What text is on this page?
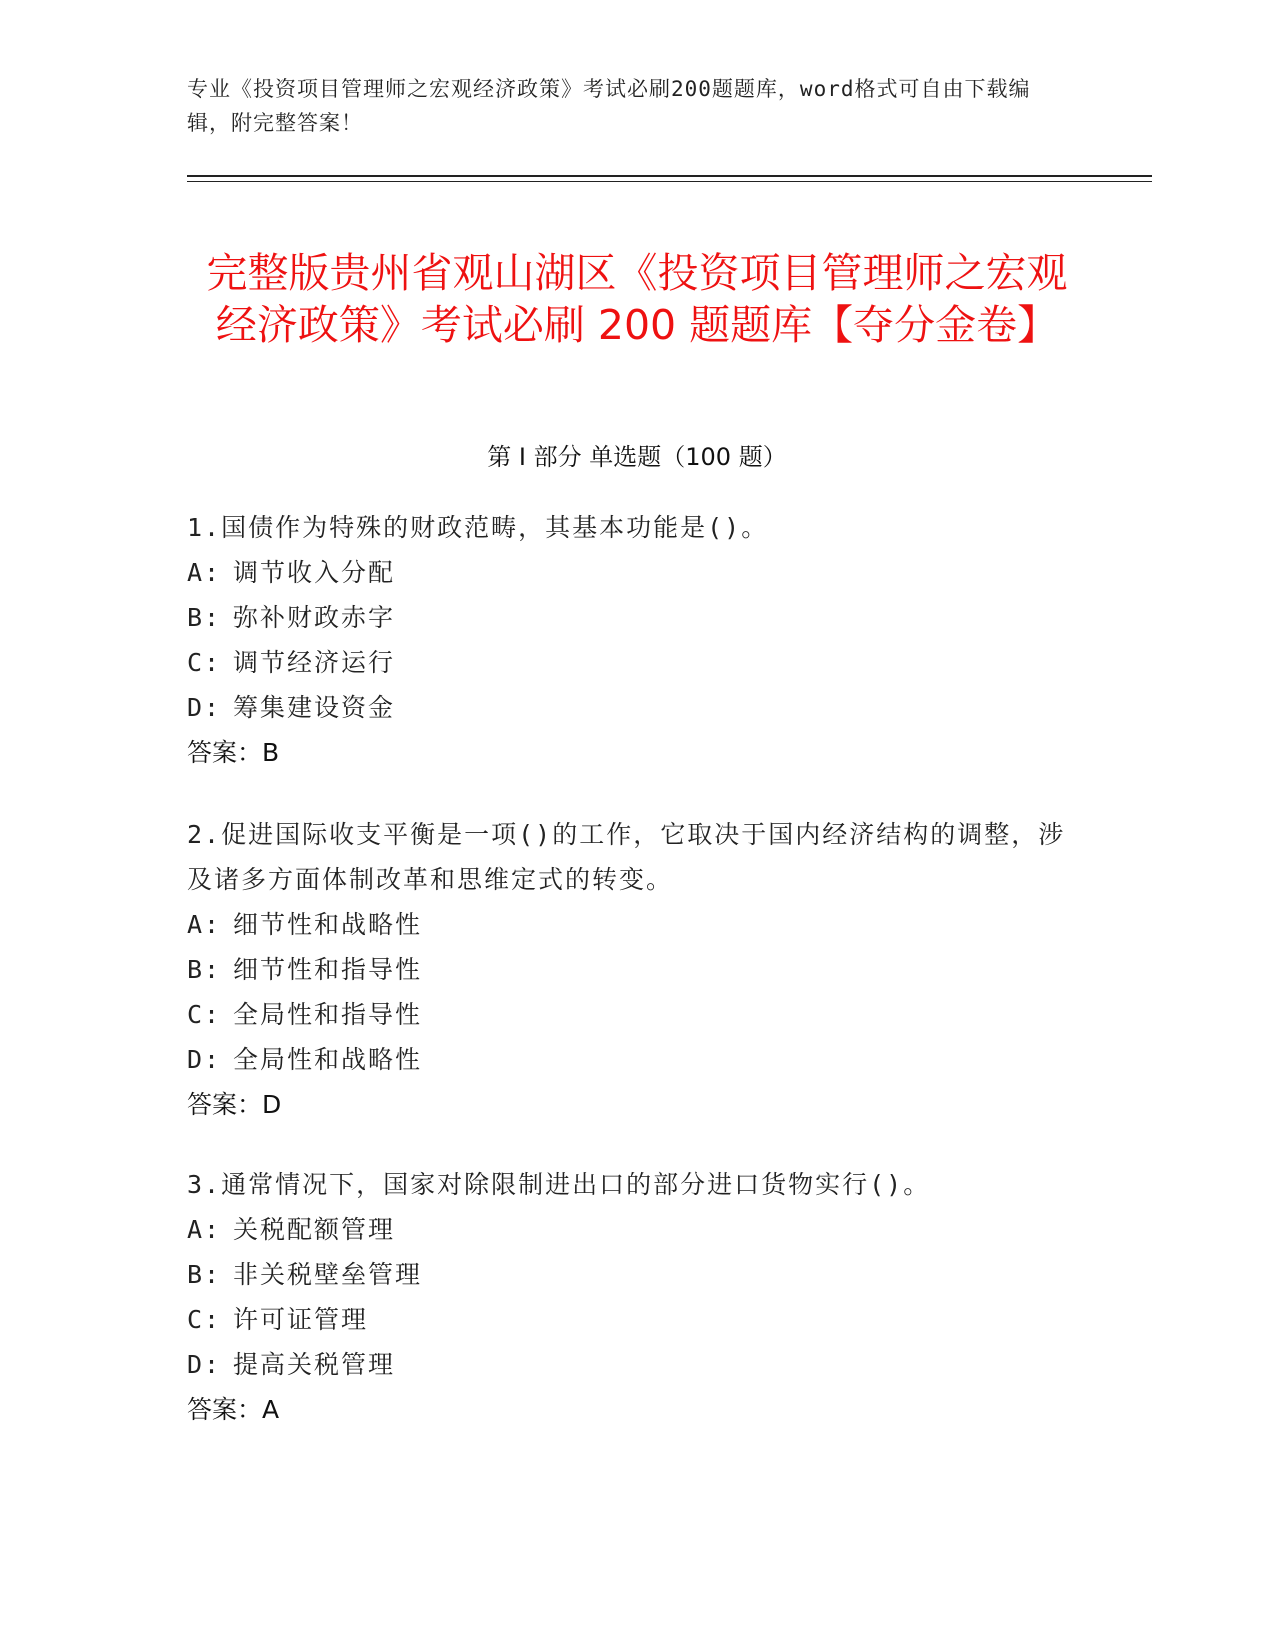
专业《投资项目管理师之宏观经济政策》考试必刷200题题库，word格式可自由下载编辑，附完整答案！
完整版贵州省观山湖区《投资项目管理师之宏观经济政策》考试必刷 200 题题库【夺分金卷】
第 I 部分 单选题（100 题）

1.国债作为特殊的财政范畴，其基本功能是()。

A: 调节收入分配

B: 弥补财政赤字

C: 调节经济运行

D: 筹集建设资金

答案：B

2.促进国际收支平衡是一项()的工作，它取决于国内经济结构的调整，涉及诸多方面体制改革和思维定式的转变。

A: 细节性和战略性

B: 细节性和指导性

C: 全局性和指导性

D: 全局性和战略性

答案：D

3.通常情况下，国家对除限制进出口的部分进口货物实行()。

A: 关税配额管理

B: 非关税壁垒管理

C: 许可证管理

D: 提高关税管理

答案：A
